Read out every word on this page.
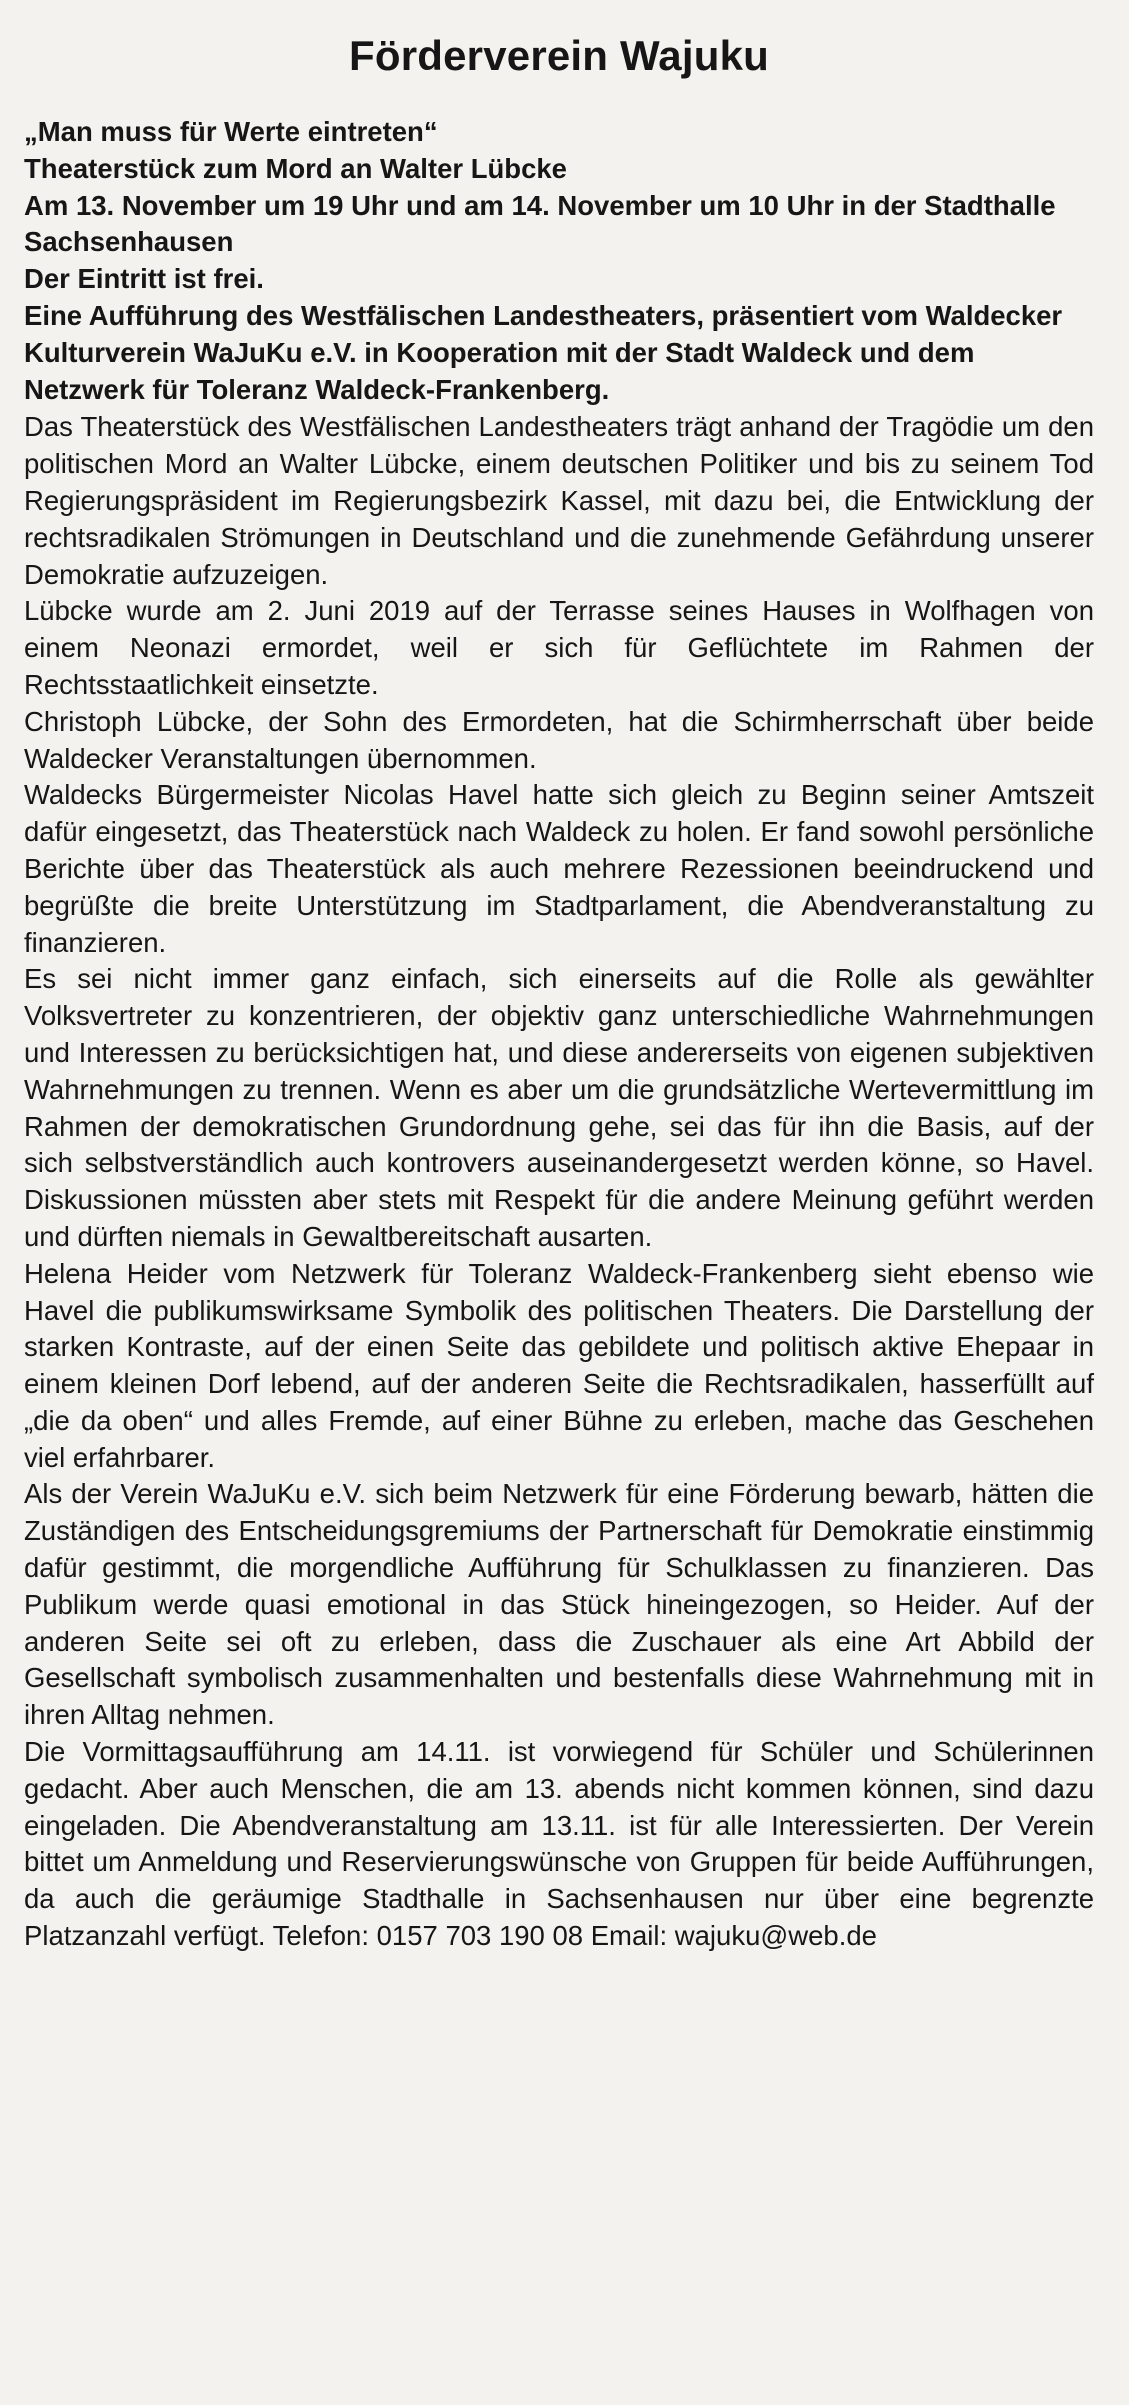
Förderverein Wajuku

„Man muss für Werte eintreten“

Theaterstück zum Mord an Walter Lübcke

Am 13. November um 19 Uhr und am 14. November um 10 Uhr in der Stadthalle Sachsenhausen

Der Eintritt ist frei.

Eine Aufführung des Westfälischen Landestheaters, präsentiert vom Waldecker Kulturverein WaJuKu e.V. in Kooperation mit der Stadt Waldeck und dem Netzwerk für Toleranz Waldeck-Frankenberg.

Das Theaterstück des Westfälischen Landestheaters trägt anhand der Tragödie um den politischen Mord an Walter Lübcke, einem deutschen Politiker und bis zu seinem Tod Regierungspräsident im Regierungsbezirk Kassel, mit dazu bei, die Entwicklung der rechtsradikalen Strömungen in Deutschland und die zunehmende Gefährdung unserer Demokratie aufzuzeigen.

Lübcke wurde am 2. Juni 2019 auf der Terrasse seines Hauses in Wolfhagen von einem Neonazi ermordet, weil er sich für Geflüchtete im Rahmen der Rechtsstaatlichkeit einsetzte.

Christoph Lübcke, der Sohn des Ermordeten, hat die Schirmherrschaft über beide Waldecker Veranstaltungen übernommen.

Waldecks Bürgermeister Nicolas Havel hatte sich gleich zu Beginn seiner Amtszeit dafür eingesetzt, das Theaterstück nach Waldeck zu holen. Er fand sowohl persönliche Berichte über das Theaterstück als auch mehrere Rezessionen beeindruckend und begrüßte die breite Unterstützung im Stadtparlament, die Abendveranstaltung zu finanzieren.

Es sei nicht immer ganz einfach, sich einerseits auf die Rolle als gewählter Volksvertreter zu konzentrieren, der objektiv ganz unterschiedliche Wahrnehmungen und Interessen zu berücksichtigen hat, und diese andererseits von eigenen subjektiven Wahrnehmungen zu trennen. Wenn es aber um die grundsätzliche Wertevermittlung im Rahmen der demokratischen Grundordnung gehe, sei das für ihn die Basis, auf der sich selbstverständlich auch kontrovers auseinandergesetzt werden könne, so Havel. Diskussionen müssten aber stets mit Respekt für die andere Meinung geführt werden und dürften niemals in Gewaltbereitschaft ausarten.

Helena Heider vom Netzwerk für Toleranz Waldeck-Frankenberg sieht ebenso wie Havel die publikumswirksame Symbolik des politischen Theaters. Die Darstellung der starken Kontraste, auf der einen Seite das gebildete und politisch aktive Ehepaar in einem kleinen Dorf lebend, auf der anderen Seite die Rechtsradikalen, hasserfüllt auf „die da oben“ und alles Fremde, auf einer Bühne zu erleben, mache das Geschehen viel erfahrbarer.

Als der Verein WaJuKu e.V. sich beim Netzwerk für eine Förderung bewarb, hätten die Zuständigen des Entscheidungsgremiums der Partnerschaft für Demokratie einstimmig dafür gestimmt, die morgendliche Aufführung für Schulklassen zu finanzieren. Das Publikum werde quasi emotional in das Stück hineingezogen, so Heider. Auf der anderen Seite sei oft zu erleben, dass die Zuschauer als eine Art Abbild der Gesellschaft symbolisch zusammenhalten und bestenfalls diese Wahrnehmung mit in ihren Alltag nehmen.

Die Vormittagsaufführung am 14.11. ist vorwiegend für Schüler und Schülerinnen gedacht. Aber auch Menschen, die am 13. abends nicht kommen können, sind dazu eingeladen. Die Abendveranstaltung am 13.11. ist für alle Interessierten. Der Verein bittet um Anmeldung und Reservierungswünsche von Gruppen für beide Aufführungen, da auch die geräumige Stadthalle in Sachsenhausen nur über eine begrenzte Platzanzahl verfügt. Telefon: 0157 703 190 08 Email: wajuku@web.de
